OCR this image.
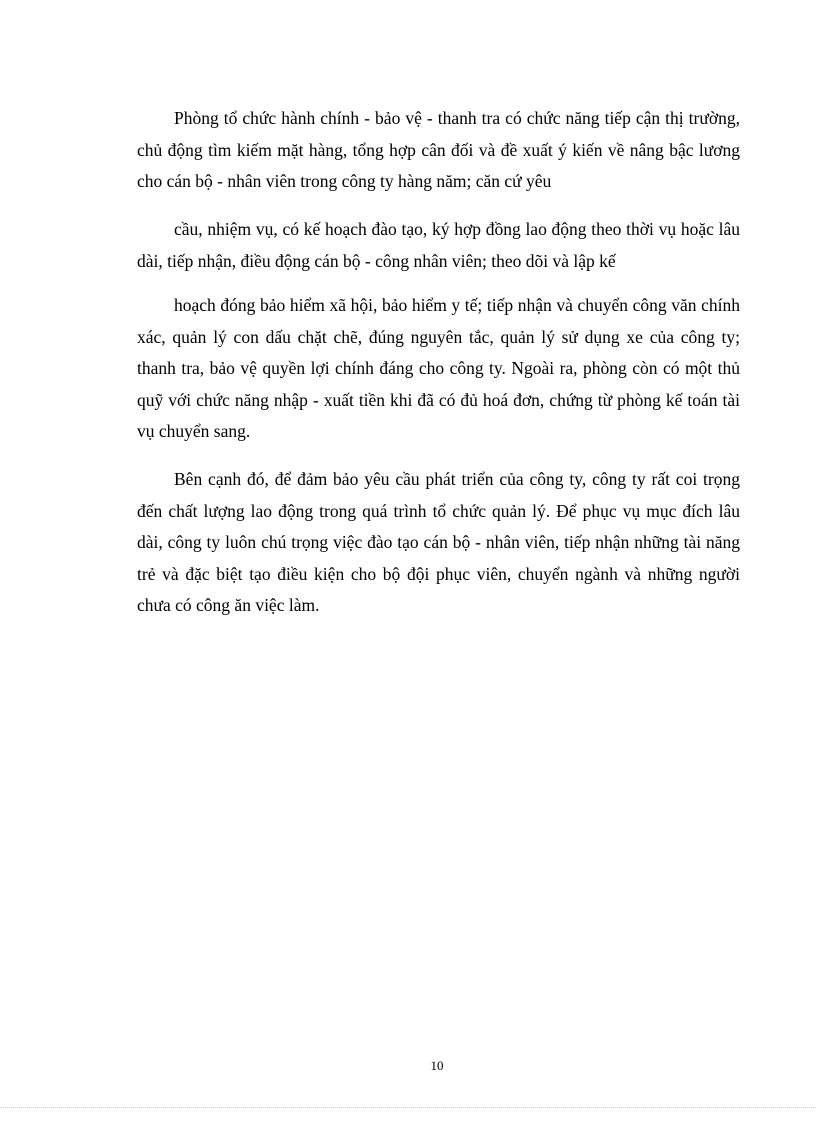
Phòng tổ chức hành chính - bảo vệ - thanh tra có chức năng tiếp cận thị trường, chủ động tìm kiếm mặt hàng, tổng hợp cân đối và đề xuất ý kiến về nâng bậc lương cho cán bộ - nhân viên trong công ty hàng năm; căn cứ yêu

cầu, nhiệm vụ, có kế hoạch đào tạo, ký hợp đồng lao động theo thời vụ hoặc lâu dài, tiếp nhận, điều động cán bộ - công nhân viên; theo dõi và lập kế

hoạch đóng bảo hiểm xã hội, bảo hiểm y tế; tiếp nhận và chuyển công văn chính xác, quản lý con dấu chặt chẽ, đúng nguyên tắc, quản lý sử dụng xe của công ty; thanh tra, bảo vệ quyền lợi chính đáng cho công ty. Ngoài ra, phòng còn có một thủ quỹ với chức năng nhập - xuất tiền khi đã có đủ hoá đơn, chứng từ phòng kế toán tài vụ chuyển sang.

Bên cạnh đó, để đảm bảo yêu cầu phát triển của công ty, công ty rất coi trọng đến chất lượng lao động trong quá trình tổ chức quản lý. Để phục vụ mục đích lâu dài, công ty luôn chú trọng việc đào tạo cán bộ - nhân viên, tiếp nhận những tài năng trẻ và đặc biệt tạo điều kiện cho bộ đội phục viên, chuyển ngành và những người chưa có công ăn việc làm.

10
